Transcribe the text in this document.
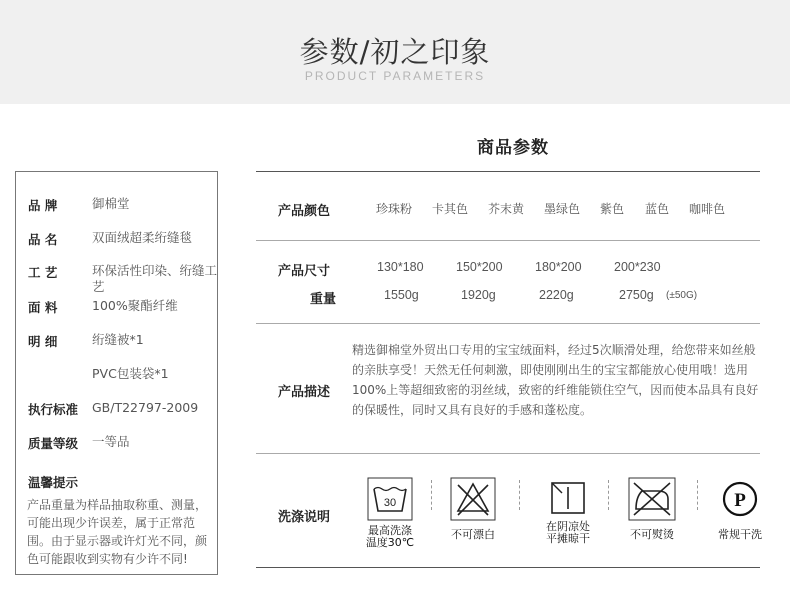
参数/初之印象
PRODUCT PARAMETERS
品 牌	御棉堂
品 名	双面绒超柔绗缝毯
工 艺	环保活性印染、绗缝工艺
面 料	100%聚酯纤维
明 细	绗缝被*1
PVC包装袋*1
执行标准 GB/T22797-2009
质量等级 一等品
温馨提示
产品重量为样品抽取称重、测量，可能出现少许误差，属于正常范围。由于显示器或许灯光不同，颜色可能跟收到实物有少许不同!
商品参数
产品颜色	珍珠粉 卡其色 芥末黄 墨绿色 紫色 蓝色 咖啡色
产品尺寸	130*180	150*200	180*200	200*230
重量	1550g	1920g	2220g	2750g (±50G)
产品描述
精选御棉堂外贸出口专用的宝宝绒面料，经过5次顺滑处理，给您带来如丝般的亲肤享受！天然无任何刺激，即使刚刚出生的宝宝都能放心使用哦！选用100%上等超细致密的羽丝绒，致密的纤维能锁住空气，因而使本品具有良好的保暖性，同时又具有良好的手感和蓬松度。
洗涤说明
30
最高洗涤
温度30℃
不可漂白
在阴凉处
平摊晾干	不可熨烫
P
常规干洗
